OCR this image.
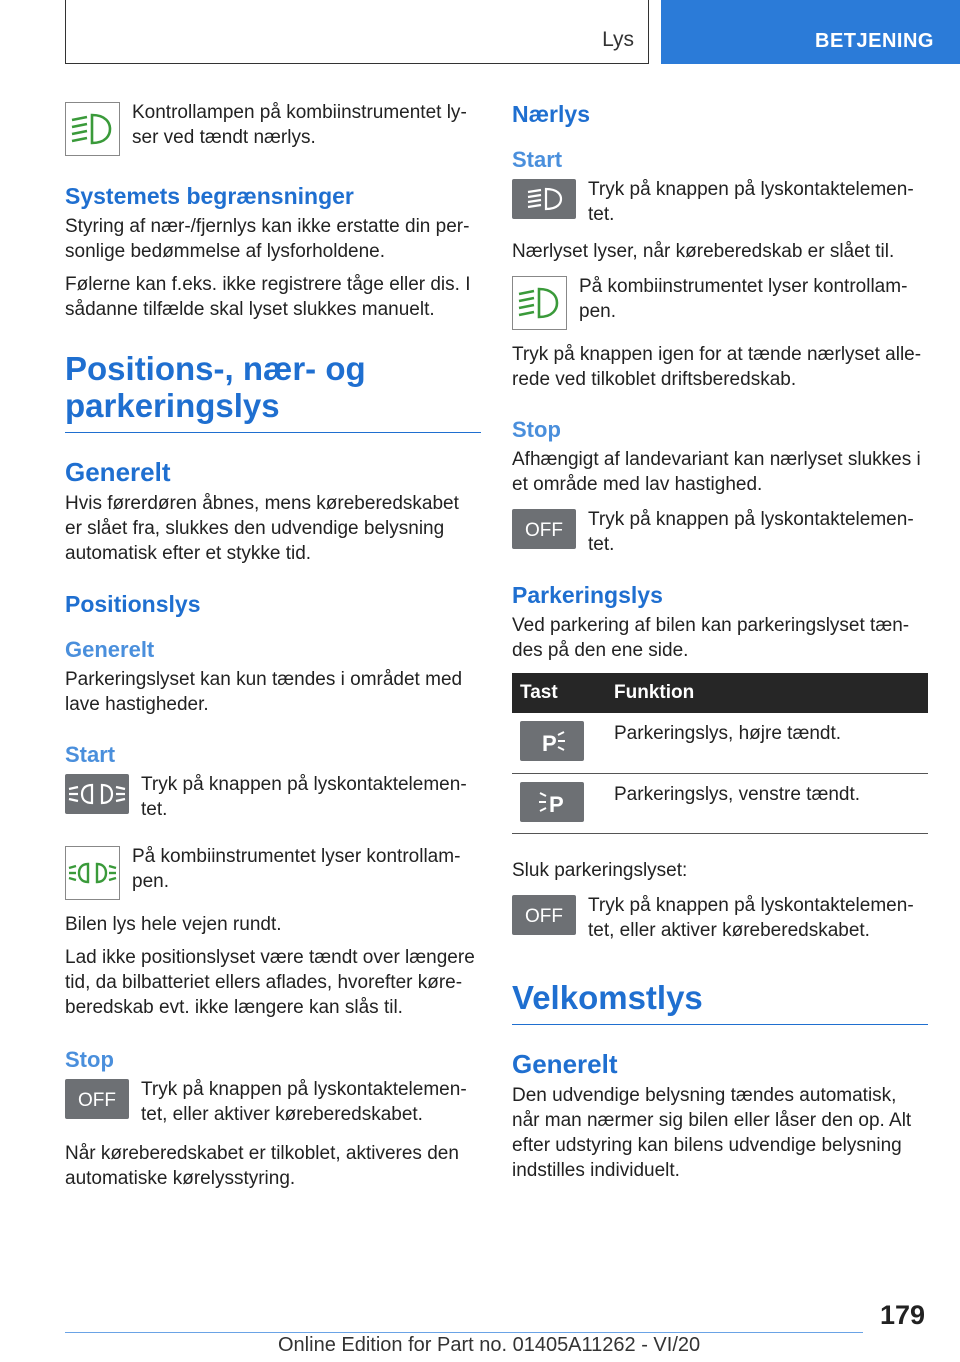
Lys	BETJENING

Kontrollampen på kombiinstrumentet lyser ved tændt nærlys.

Systemets begrænsninger

Styring af nær-/fjernlys kan ikke erstatte din personlige bedømmelse af lysforholdene.

Følerne kan f.eks. ikke registrere tåge eller dis. I sådanne tilfælde skal lyset slukkes manuelt.

Positions-, nær- og parkeringslys
Generelt

Hvis førerdøren åbnes, mens køreberedskabet er slået fra, slukkes den udvendige belysning automatisk efter et stykke tid.

Positionslys
Generelt

Parkeringslyset kan kun tændes i området med lave hastigheder.

Start

Tryk på knappen på lyskontaktelementet.

På kombiinstrumentet lyser kontrollampen.

Bilen lys hele vejen rundt.

Lad ikke positionslyset være tændt over længere tid, da bilbatteriet ellers aflades, hvorefter køreberedskab evt. ikke længere kan slås til.

Stop
OFF

Tryk på knappen på lyskontaktelementet, eller aktiver køreberedskabet.

Når køreberedskabet er tilkoblet, aktiveres den automatiske kørelysstyring.

Nærlys
Start

Tryk på knappen på lyskontaktelementet.

Nærlyset lyser, når køreberedskab er slået til.

På kombiinstrumentet lyser kontrollampen.

Tryk på knappen igen for at tænde nærlyset allerede ved tilkoblet driftsberedskab.

Stop

Afhængigt af landevariant kan nærlyset slukkes i et område med lav hastighed.

OFF

Tryk på knappen på lyskontaktelementet.

Parkeringslys

Ved parkering af bilen kan parkeringslyset tændes på den ene side.

Tast	Funktion

P	Parkeringslys, højre tændt.

P	Parkeringslys, venstre tændt.

Sluk parkeringslyset:

OFF

Tryk på knappen på lyskontaktelementet, eller aktiver køreberedskabet.

Velkomstlys
Generelt

Den udvendige belysning tændes automatisk, når man nærmer sig bilen eller låser den op. Alt efter udstyring kan bilens udvendige belysning indstilles individuelt.

179
Online Edition for Part no. 01405A11262 - VI/20
